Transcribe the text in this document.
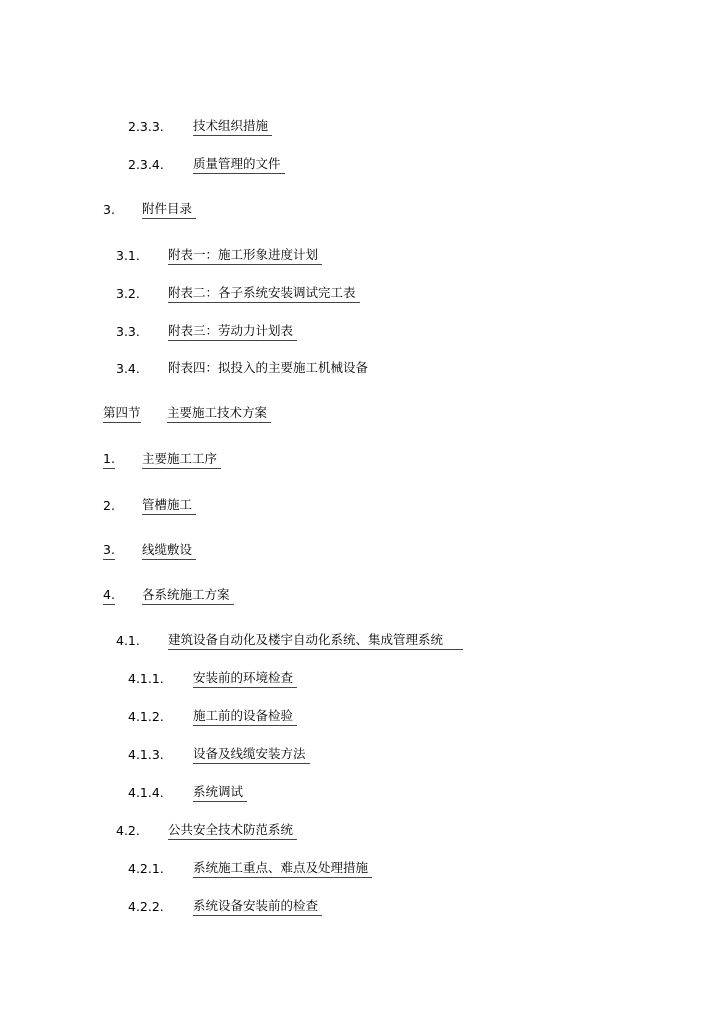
2.3.3. 技术组织措施
2.3.4. 质量管理的文件
3. 附件目录
3.1. 附表一：施工形象进度计划
3.2. 附表二：各子系统安装调试完工表
3.3. 附表三：劳动力计划表
3.4. 附表四：拟投入的主要施工机械设备
第四节 主要施工技术方案
1. 主要施工工序
2. 管槽施工
3. 线缆敷设
4. 各系统施工方案
4.1. 建筑设备自动化及楼宇自动化系统、集成管理系统
4.1.1. 安装前的环境检查
4.1.2. 施工前的设备检验
4.1.3. 设备及线缆安装方法
4.1.4. 系统调试
4.2. 公共安全技术防范系统
4.2.1. 系统施工重点、难点及处理措施
4.2.2. 系统设备安装前的检查
